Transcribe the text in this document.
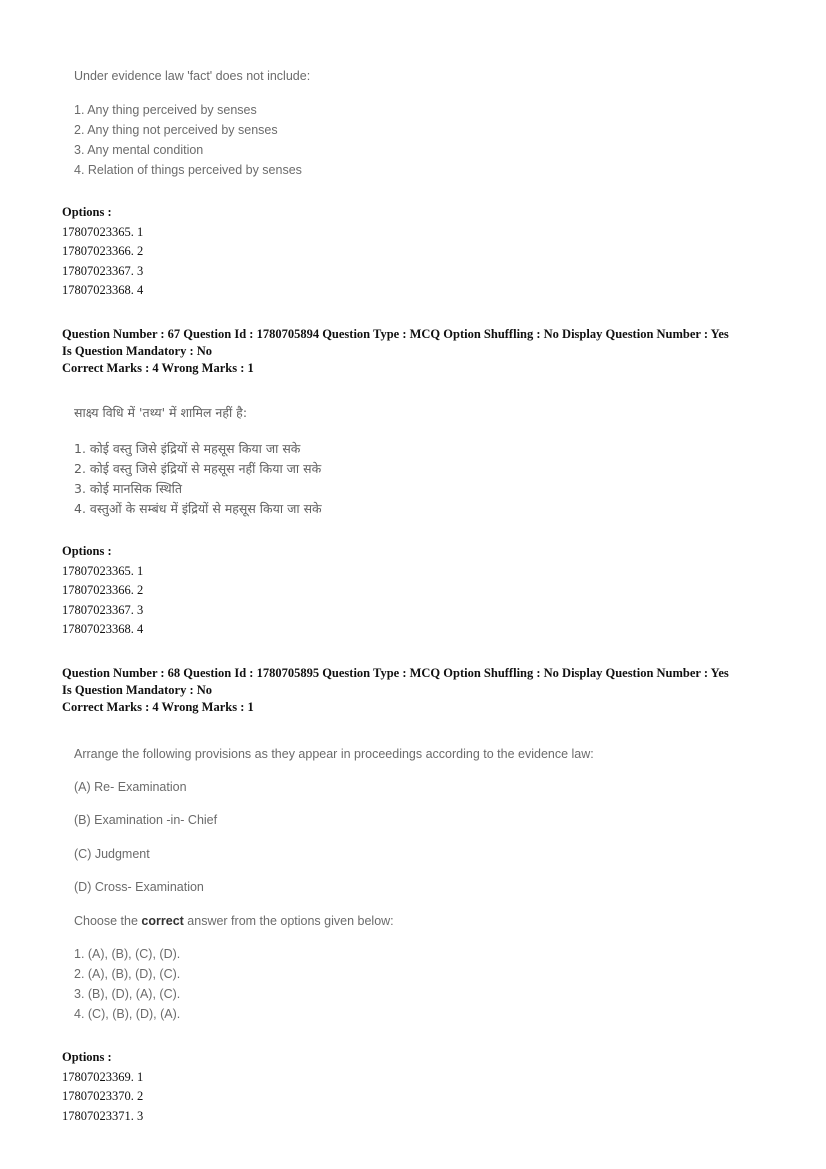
Under evidence law 'fact' does not include:
1. Any thing perceived by senses
2. Any thing not perceived by senses
3. Any mental condition
4. Relation of things perceived by senses
Options :
17807023365. 1
17807023366. 2
17807023367. 3
17807023368. 4
Question Number : 67 Question Id : 1780705894 Question Type : MCQ Option Shuffling : No Display Question Number : Yes
Is Question Mandatory : No
Correct Marks : 4 Wrong Marks : 1
साक्ष्य विधि में 'तथ्य' में शामिल नहीं है:
1. कोई वस्तु जिसे इंद्रियों से महसूस किया जा सके
2. कोई वस्तु जिसे इंद्रियों से महसूस नहीं किया जा सके
3. कोई मानसिक स्थिति
4. वस्तुओं के सम्बंध में इंद्रियों से महसूस किया जा सके
Options :
17807023365. 1
17807023366. 2
17807023367. 3
17807023368. 4
Question Number : 68 Question Id : 1780705895 Question Type : MCQ Option Shuffling : No Display Question Number : Yes
Is Question Mandatory : No
Correct Marks : 4 Wrong Marks : 1
Arrange the following provisions as they appear in proceedings according to the evidence law:
(A) Re- Examination
(B) Examination -in- Chief
(C) Judgment
(D) Cross- Examination
Choose the correct answer from the options given below:
1. (A), (B), (C), (D).
2. (A), (B), (D), (C).
3. (B), (D), (A), (C).
4. (C), (B), (D), (A).
Options :
17807023369. 1
17807023370. 2
17807023371. 3
